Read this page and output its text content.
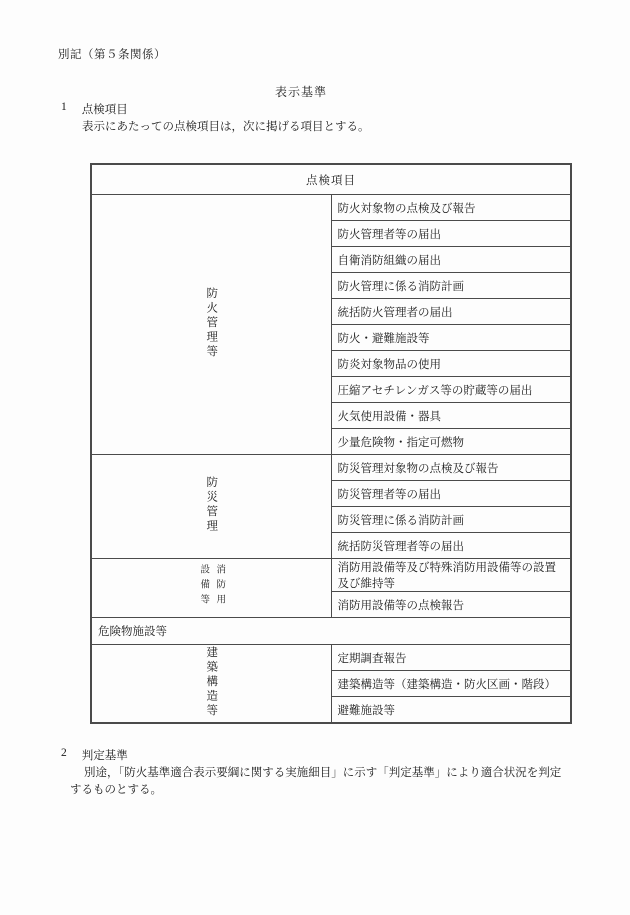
別記（第５条関係）
表示基準
1 点検項目
表示にあたっての点検項目は，次に掲げる項目とする。
点検項目	
防火管理等	防火対象物の点検及び報告
	防火管理者等の届出
	自衛消防組織の届出
	防火管理に係る消防計画
	統括防火管理者の届出
	防火・避難施設等
	防炎対象物品の使用
	圧縮アセチレンガス等の貯蔵等の届出
	火気使用設備・器具
	少量危険物・指定可燃物
防災管理	防災管理対象物の点検及び報告
	防災管理者等の届出
	防災管理に係る消防計画
	統括防災管理者等の届出
消防用設備等	消防用設備等及び特殊消防用設備等の設置及び維持等
	消防用設備等の点検報告
危険物施設等	
建築構造等	定期調査報告
	建築構造等（建築構造・防火区画・階段）
	避難施設等
2 判定基準
別途，「防火基準適合表示要綱に関する実施細目」に示す「判定基準」により適合状況を判定
するものとする。
